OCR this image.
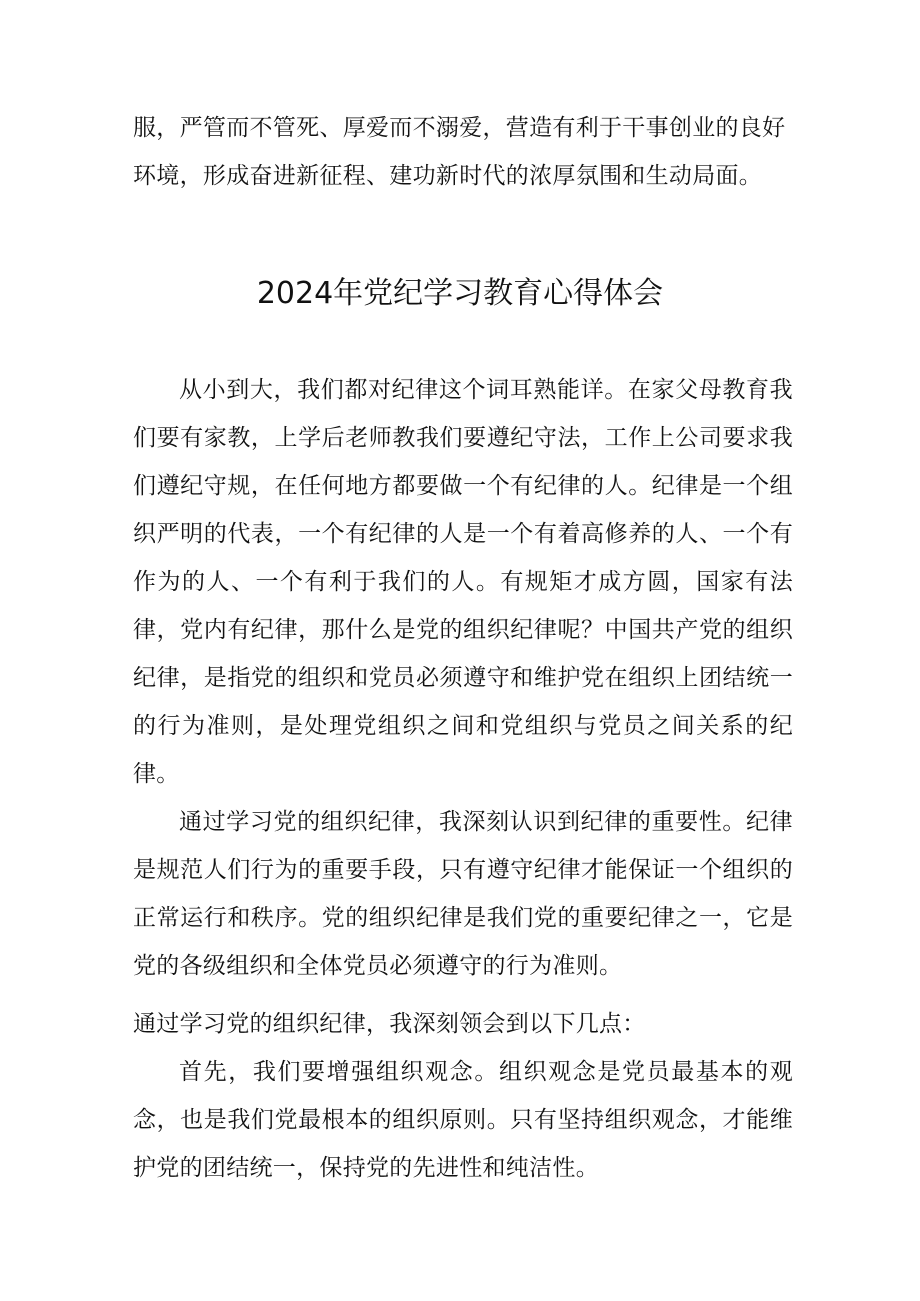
服，严管而不管死、厚爱而不溺爱，营造有利于干事创业的良好
环境，形成奋进新征程、建功新时代的浓厚氛围和生动局面。
2024年党纪学习教育心得体会

从小到大，我们都对纪律这个词耳熟能详。在家父母教育我们要有家教，上学后老师教我们要遵纪守法，工作上公司要求我们遵纪守规，在任何地方都要做一个有纪律的人。纪律是一个组织严明的代表，一个有纪律的人是一个有着高修养的人、一个有作为的人、一个有利于我们的人。有规矩才成方圆，国家有法律，党内有纪律，那什么是党的组织纪律呢？中国共产党的组织纪律，是指党的组织和党员必须遵守和维护党在组织上团结统一的行为准则，是处理党组织之间和党组织与党员之间关系的纪律。

通过学习党的组织纪律，我深刻认识到纪律的重要性。纪律是规范人们行为的重要手段，只有遵守纪律才能保证一个组织的正常运行和秩序。党的组织纪律是我们党的重要纪律之一，它是党的各级组织和全体党员必须遵守的行为准则。

通过学习党的组织纪律，我深刻领会到以下几点：

首先，我们要增强组织观念。组织观念是党员最基本的观念，也是我们党最根本的组织原则。只有坚持组织观念，才能维护党的团结统一，保持党的先进性和纯洁性。
